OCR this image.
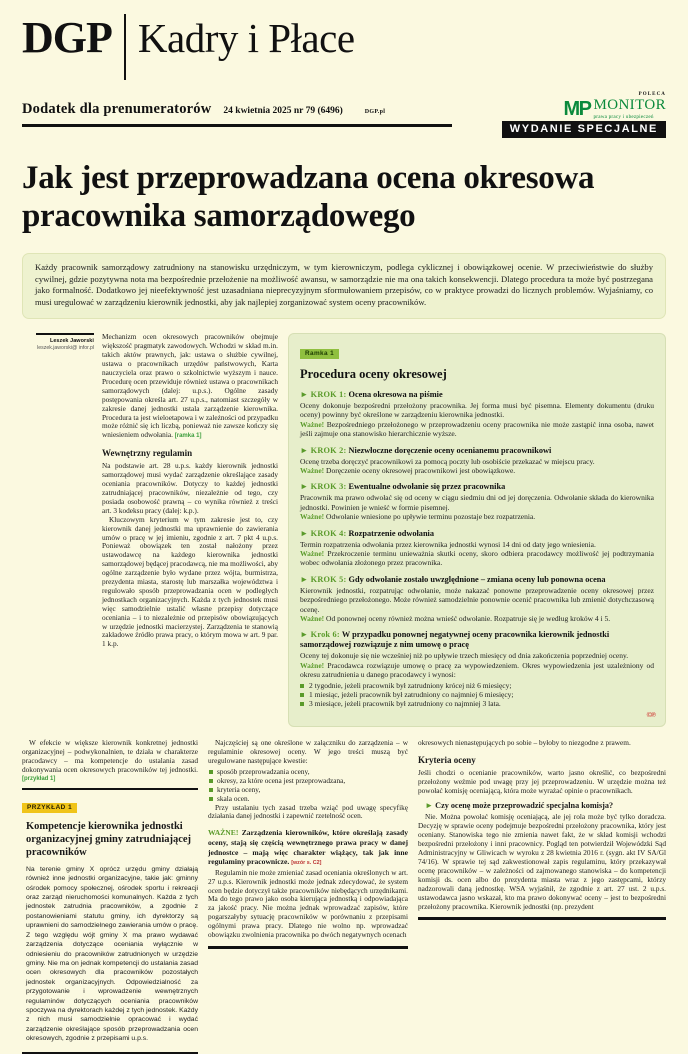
DGP Kadry i Płace
Dodatek dla prenumeratorów 24 kwietnia 2025 nr 79 (6496)	DGP.pl
POLECA
MP MONITOR
prawa pracy i ubezpieczeń
WYDANIE SPECJALNE
Jak jest przeprowadzana ocena okresowa pracownika samorządowego
Każdy pracownik samorządowy zatrudniony na stanowisku urzędniczym, w tym kierowniczym, podlega cyklicznej i obowiązkowej ocenie. W przeciwieństwie do służby cywilnej, gdzie pozytywna nota ma bezpośrednie przełożenie na możliwość awansu, w samorządzie nie ma ona takich konsekwencji. Dlatego procedura ta może być postrzegana jako formalność. Dodatkowo jej nieefektywność jest uzasadniana nieprecyzyjnym sformułowaniem przepisów, co w praktyce prowadzi do licznych problemów. Wyjaśniamy, co musi uregulować w zarządzeniu kierownik jednostki, aby jak najlepiej zorganizować system oceny pracowników.
Leszek Jaworski
leszek.jaworski@ infor.pl

Mechanizm ocen okresowych pracowników obejmuje większość pragmatyk zawodowych. Wchodzi w skład m.in. takich aktów prawnych, jak: ustawa o służbie cywilnej, ustawa o pracownikach urzędów państwowych, Karta nauczyciela oraz prawo o szkolnictwie wyższym i nauce. Procedurę ocen przewiduje również ustawa o pracownikach samorządowych (dalej: u.p.s.). Ogólne zasady postępowania określa art. 27 u.p.s., natomiast szczegóły w zakresie danej jednostki ustala zarządzenie kierownika. Procedura ta jest wieloetapowa i w zależności od przypadku może różnić się ich liczbą, ponieważ nie zawsze kończy się wniesieniem odwołania. [ramka 1]

Wewnętrzny regulamin

Na podstawie art. 28 u.p.s. każdy kierownik jednostki samorządowej musi wydać zarządzenie określające zasady oceniania pracowników. Dotyczy to każdej jednostki zatrudniającej pracowników, niezależnie od tego, czy posiada osobowość prawną – co wynika również z treści art. 3 kodeksu pracy (dalej: k.p.).

Kluczowym kryterium w tym zakresie jest to, czy kierownik danej jednostki ma uprawnienie do zawierania umów o pracę w jej imieniu, zgodnie z art. 7 pkt 4 u.p.s. Ponieważ obowiązek ten został nałożony przez ustawodawcę na każdego kierownika jednostki samorządowej będącej pracodawcą, nie ma możliwości, aby ogólne zarządzenie było wydane przez wójta, burmistrza, prezydenta miasta, starostę lub marszałka województwa i regulowało sposób przeprowadzania ocen w podległych jednostkach organizacyjnych. Każda z tych jednostek musi więc samodzielnie ustalić własne przepisy dotyczące oceniania – i to niezależnie od przepisów obowiązujących w urzędzie jednostki macierzystej. Zarządzenia te stanowią zakładowe źródło prawa pracy, o którym mowa w art. 9 par. 1 k.p.

Ramka 1
Procedura oceny okresowej
► KROK 1: Ocena okresowa na piśmie
Oceny dokonuje bezpośredni przełożony pracownika. Jej forma musi być pisemna. Elementy dokumentu (druku oceny) powinny być określone w zarządzeniu kierownika jednostki.
Ważne! Bezpośredniego przełożonego w przeprowadzeniu oceny pracownika nie może zastąpić inna osoba, nawet jeśli zajmuje ona stanowisko hierarchicznie wyższe.
► KROK 2: Niezwłoczne doręczenie oceny ocenianemu pracownikowi
Ocenę trzeba doręczyć pracownikowi za pomocą poczty lub osobiście przekazać w miejscu pracy.
Ważne! Doręczenie oceny okresowej pracownikowi jest obowiązkowe.
► KROK 3: Ewentualne odwołanie się przez pracownika
Pracownik ma prawo odwołać się od oceny w ciągu siedmiu dni od jej doręczenia. Odwołanie składa do kierownika jednostki. Powinien je wnieść w formie pisemnej.
Ważne! Odwołanie wniesione po upływie terminu pozostaje bez rozpatrzenia.
► KROK 4: Rozpatrzenie odwołania
Termin rozpatrzenia odwołania przez kierownika jednostki wynosi 14 dni od daty jego wniesienia.
Ważne! Przekroczenie terminu unieważnia skutki oceny, skoro odbiera pracodawcy możliwość jej podtrzymania wobec odwołania złożonego przez pracownika.
► KROK 5: Gdy odwołanie zostało uwzględnione – zmiana oceny lub ponowna ocena
Kierownik jednostki, rozpatrując odwołanie, może nakazać ponowne przeprowadzenie oceny okresowej przez bezpośredniego przełożonego. Może również samodzielnie ponownie ocenić pracownika lub zmienić dotychczasową ocenę.
Ważne! Od ponownej oceny również można wnieść odwołanie. Rozpatruje się je według kroków 4 i 5.
► Krok 6: W przypadku ponownej negatywnej oceny pracownika kierownik jednostki samorządowej rozwiązuje z nim umowę o pracę
Oceny tej dokonuje się nie wcześniej niż po upływie trzech miesięcy od dnia zakończenia poprzedniej oceny.
Ważne! Pracodawca rozwiązuje umowę o pracę za wypowiedzeniem. Okres wypowiedzenia jest uzależniony od okresu zatrudnienia u danego pracodawcy i wynosi:
2 tygodnie, jeżeli pracownik był zatrudniony krócej niż 6 miesięcy;
1 miesiąc, jeżeli pracownik był zatrudniony co najmniej 6 miesięcy;
3 miesiące, jeżeli pracownik był zatrudniony co najmniej 3 lata.
©℗

W efekcie w większe kierownik konkretnej jednostki organizacyjnej – podwykonalnien, te działa w charakterze pracodawcy – ma kompetencje do ustalania zasad dokonywania ocen okresowych pracowników tej jednostki. [przykład 1]

PRZYKŁAD 1
Kompetencje kierownika jednostki organizacyjnej gminy zatrudniającej pracowników
Na terenie gminy X oprócz urzędu gminy działają również inne jednostki organizacyjne, takie jak: gminny ośrodek pomocy społecznej, ośrodek sportu i rekreacji oraz zarząd nieruchomości komunalnych. Każda z tych jednostek zatrudnia pracowników, a zgodnie z postanowieniami statutu gminy, ich dyrektorzy są uprawnieni do samodzielnego zawierania umów o pracę. Z tego względu wójt gminy X ma prawo wydawać zarządzenia dotyczące oceniania wyłącznie w odniesieniu do pracowników zatrudnionych w urzędzie gminy. Nie ma on jednak kompetencji do ustalania zasad ocen okresowych dla pracowników pozostałych jednostek organizacyjnych. Odpowiedzialność za przygotowanie i wprowadzenie wewnętrznych regulaminów dotyczących oceniania pracowników spoczywa na dyrektorach każdej z tych jednostek. Każdy z nich musi samodzielnie opracować i wydać zarządzenie określające sposób przeprowadzania ocen okresowych, zgodnie z przepisami u.p.s.

Najczęściej są one określone w załączniku do zarządzenia – w regulaminie okresowej oceny. W jego treści muszą być uregulowane następujące kwestie:

sposób przeprowadzania oceny,
okresy, za które ocena jest przeprowadzana,
kryteria oceny,
skala ocen.

Przy ustalaniu tych zasad trzeba wziąć pod uwagę specyfikę działania danej jednostki i zapewnić rzetelność ocen.

WAŻNE! Zarządzenia kierowników, które określają zasady oceny, stają się częścią wewnętrznego prawa pracy w danej jednostce – mają więc charakter wiążący, tak jak inne regulaminy pracownicze. [wzór s. C2]

Regulamin nie może zmieniać zasad oceniania określonych w art. 27 u.p.s. Kierownik jednostki może jednak zdecydować, że system ocen będzie dotyczył także pracowników niebędących urzędnikami. Ma do tego prawo jako osoba kierująca jednostką i odpowiadająca za jakość pracy. Nie można jednak wprowadzać zapisów, które pogarszałyby sytuację pracowników w porównaniu z przepisami ogólnymi prawa pracy. Dlatego nie wolno np. wprowadzać obowiązku zwolnienia pracownika po dwóch negatywnych ocenach

okresowych nienastępujących po sobie – byłoby to niezgodne z prawem.

Kryteria oceny

Jeśli chodzi o ocenianie pracowników, warto jasno określić, co bezpośredni przełożony weźmie pod uwagę przy jej przeprowadzeniu. W urzędzie można też powołać komisję oceniającą, która może wyrażać opinie o pracownikach.

► Czy ocenę może przeprowadzić specjalna komisja?

Nie. Można powołać komisję oceniającą, ale jej rola może być tylko doradcza. Decyzję w sprawie oceny podejmuje bezpośredni przełożony pracownika, który jest oceniany. Stanowiska tego nie zmienia nawet fakt, że w skład komisji wchodzi bezpośredni przełożony i inni pracownicy. Pogląd ten potwierdził Wojewódzki Sąd Administracyjny w Gliwicach w wyroku z 28 kwietnia 2016 r. (sygn. akt IV SA/Gl 74/16). W sprawie tej sąd zakwestionował zapis regulaminu, który przekazywał ocenę pracowników – w zależności od zajmowanego stanowiska – do kompetencji komisji ds. ocen albo do prezydenta miasta wraz z jego zastępcami, którzy nadzorowali daną jednostkę. WSA wyjaśnił, że zgodnie z art. 27 ust. 2 u.p.s. ustawodawca jasno wskazał, kto ma prawo dokonywać oceny – jest to bezpośredni przełożony pracownika. Kierownik jednostki (np. prezydent
